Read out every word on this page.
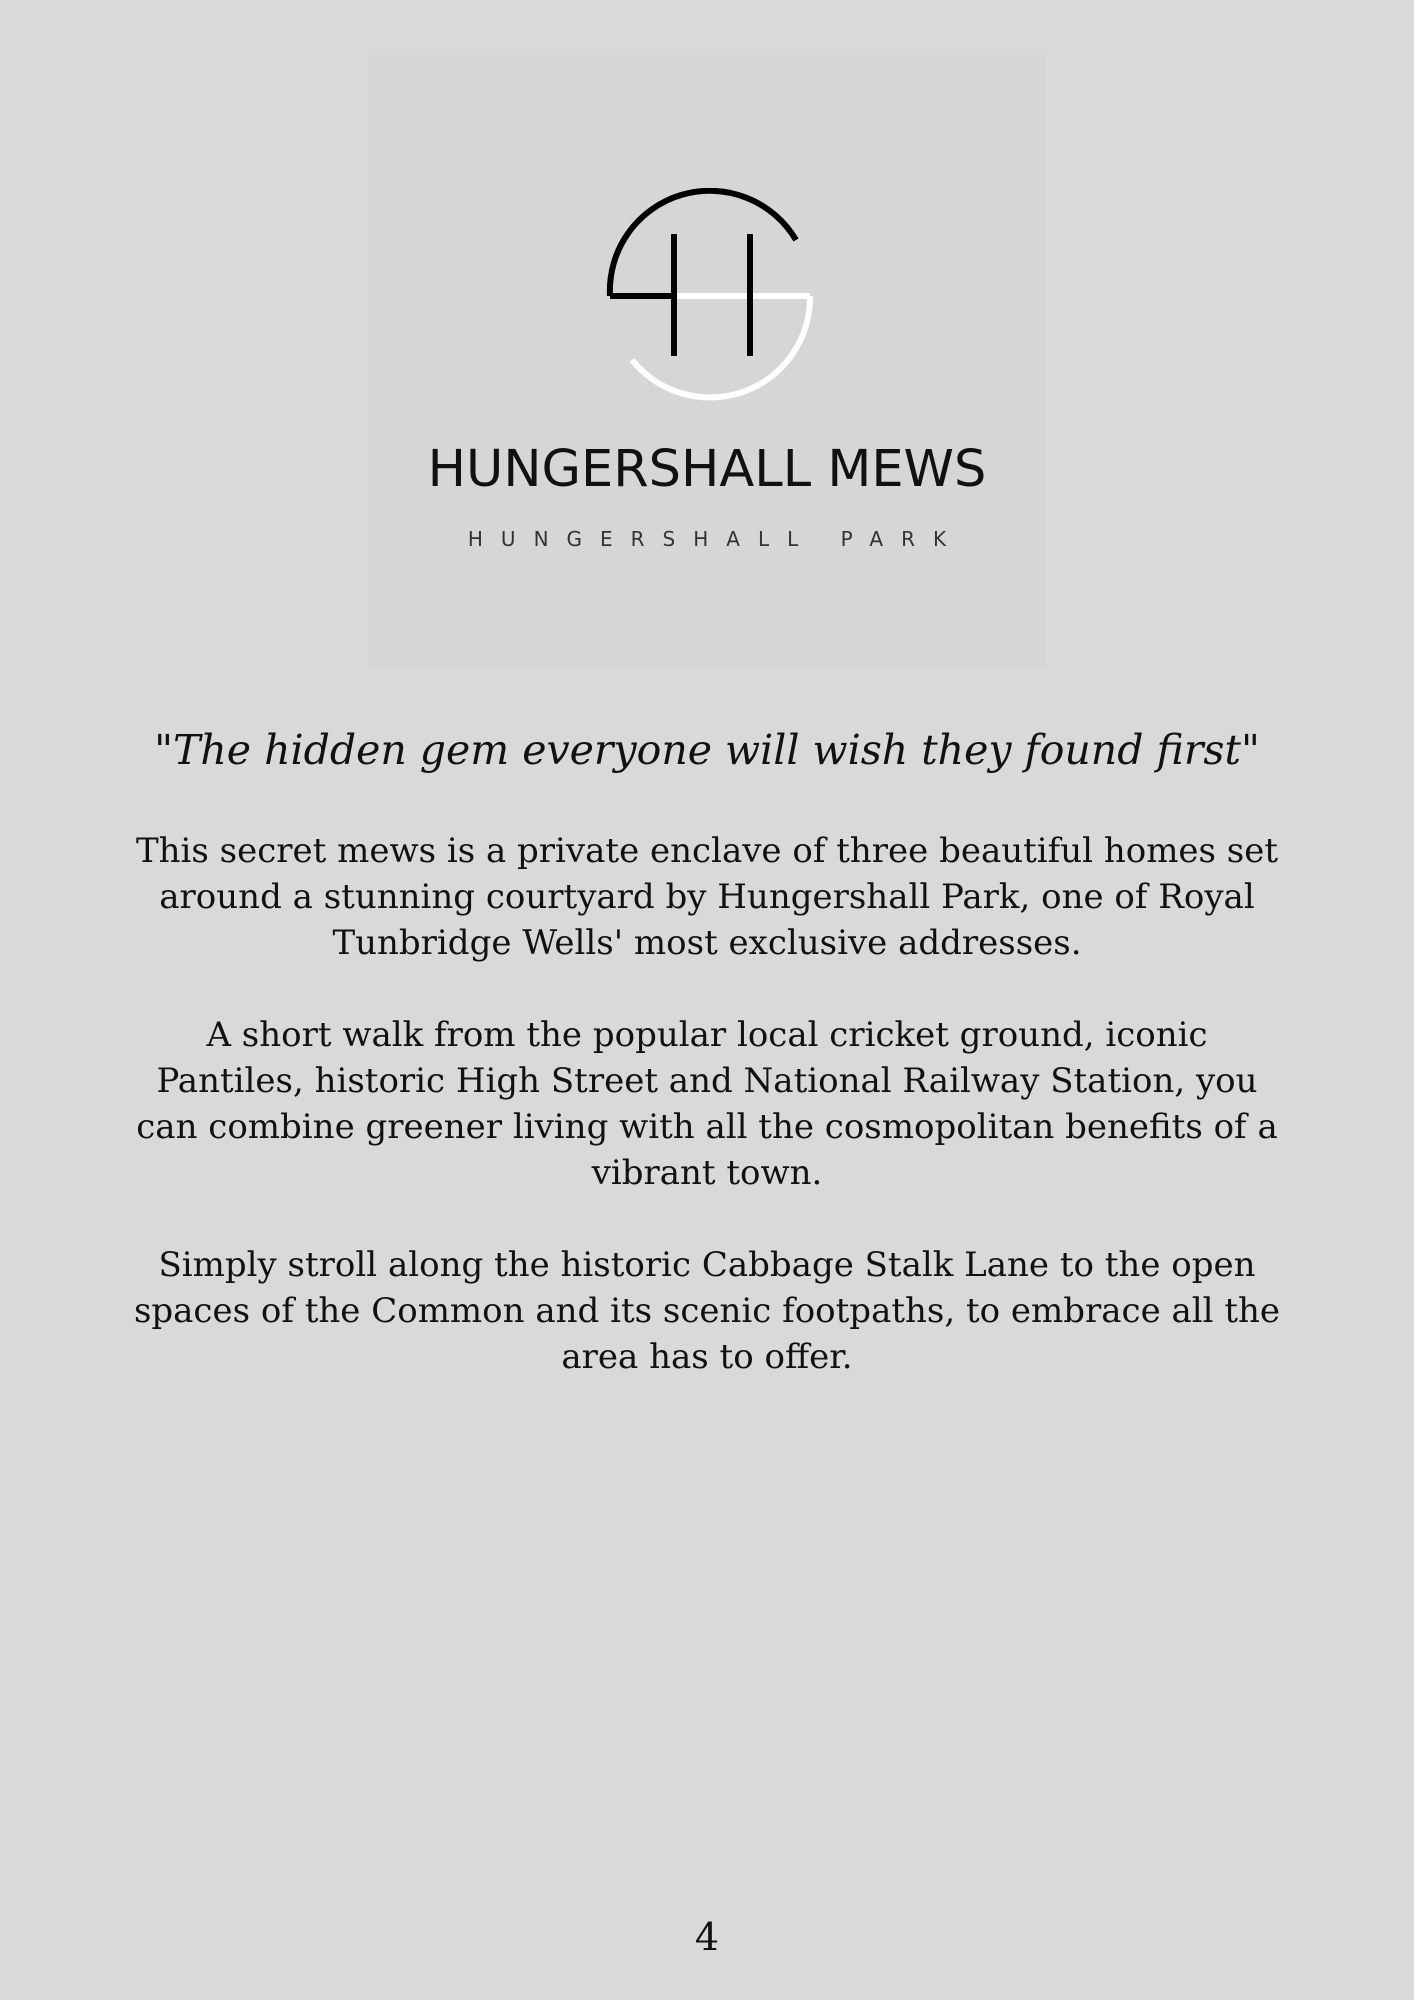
HUNGERSHALL MEWS
HUNGERSHALL PARK
"The hidden gem everyone will wish they found first"

This secret mews is a private enclave of three beautiful homes set around a stunning courtyard by Hungershall Park, one of Royal Tunbridge Wells' most exclusive addresses.

A short walk from the popular local cricket ground, iconic Pantiles, historic High Street and National Railway Station, you can combine greener living with all the cosmopolitan benefits of a vibrant town.

Simply stroll along the historic Cabbage Stalk Lane to the open spaces of the Common and its scenic footpaths, to embrace all the area has to offer.

4
